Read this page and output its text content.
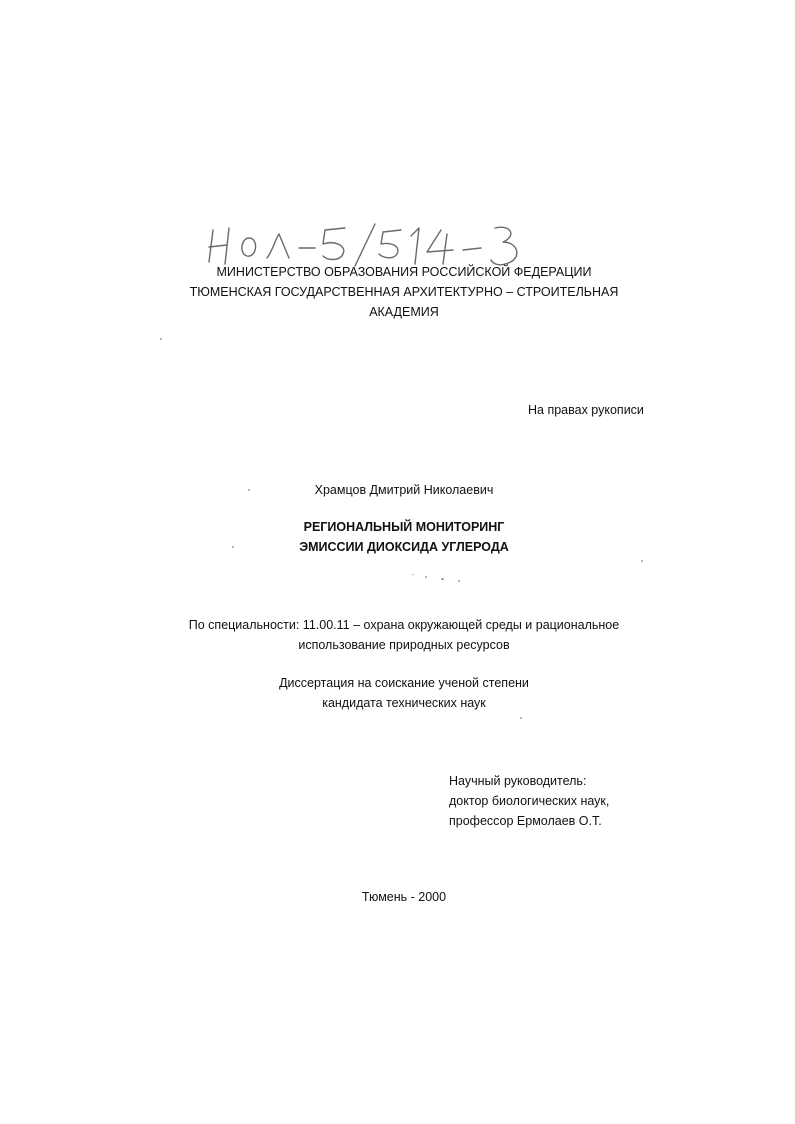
МИНИСТЕРСТВО ОБРАЗОВАНИЯ РОССИЙСКОЙ ФЕДЕРАЦИИ
ТЮМЕНСКАЯ ГОСУДАРСТВЕННАЯ АРХИТЕКТУРНО – СТРОИТЕЛЬНАЯ
АКАДЕМИЯ
На правах рукописи
Храмцов Дмитрий Николаевич
РЕГИОНАЛЬНЫЙ МОНИТОРИНГ
ЭМИССИИ ДИОКСИДА УГЛЕРОДА
По специальности: 11.00.11 – охрана окружающей среды и рациональное
использование природных ресурсов
Диссертация на соискание ученой степени
кандидата технических наук
Научный руководитель:
доктор биологических наук,
профессор Ермолаев О.Т.
Тюмень - 2000
